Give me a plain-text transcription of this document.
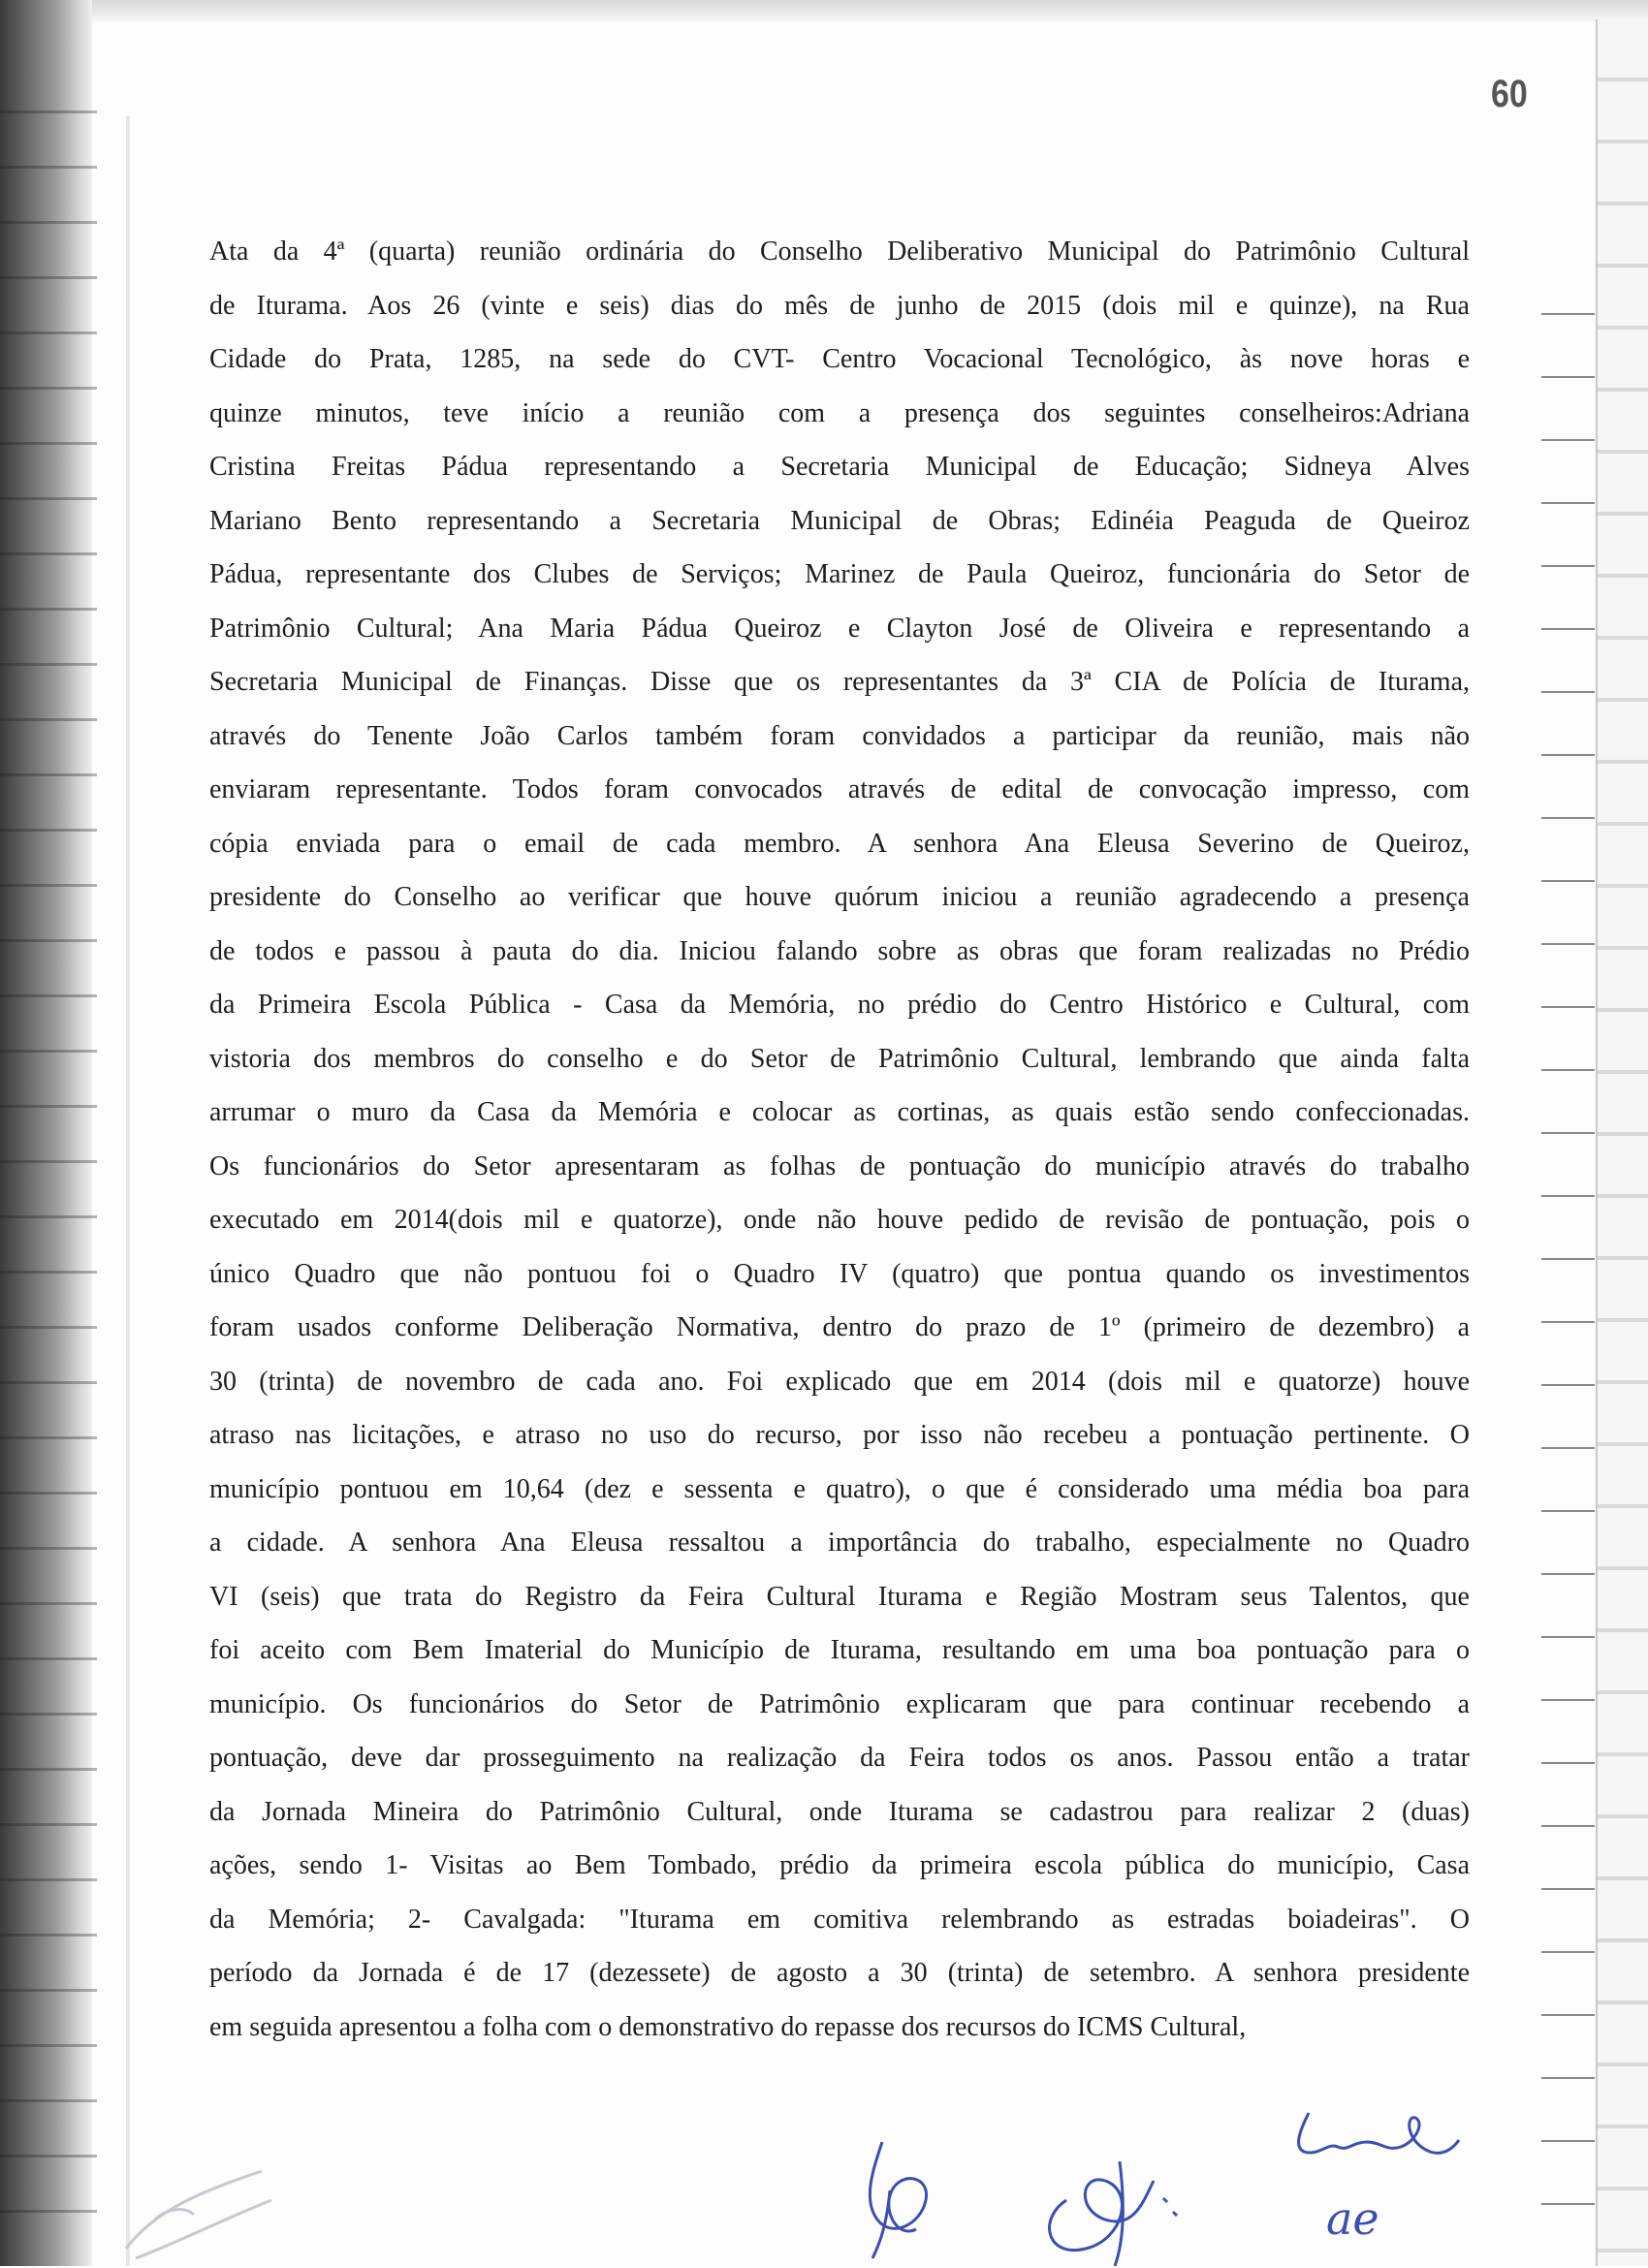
60
Ata da 4ª (quarta) reunião ordinária do Conselho Deliberativo Municipal do Patrimônio Cultural
de Iturama. Aos 26 (vinte e seis) dias do mês de junho de 2015 (dois mil e quinze), na Rua
Cidade do Prata, 1285, na sede do CVT- Centro Vocacional Tecnológico, às nove horas e
quinze minutos, teve início a reunião com a presença dos seguintes conselheiros:Adriana
Cristina Freitas Pádua representando a Secretaria Municipal de Educação; Sidneya Alves
Mariano Bento representando a Secretaria Municipal de Obras; Edinéia Peaguda de Queiroz
Pádua, representante dos Clubes de Serviços; Marinez de Paula Queiroz, funcionária do Setor de
Patrimônio Cultural; Ana Maria Pádua Queiroz e Clayton José de Oliveira e representando a
Secretaria Municipal de Finanças. Disse que os representantes da 3ª CIA de Polícia de Iturama,
através do Tenente João Carlos também foram convidados a participar da reunião, mais não
enviaram representante. Todos foram convocados através de edital de convocação impresso, com
cópia enviada para o email de cada membro. A senhora Ana Eleusa Severino de Queiroz,
presidente do Conselho ao verificar que houve quórum iniciou a reunião agradecendo a presença
de todos e passou à pauta do dia. Iniciou falando sobre as obras que foram realizadas no Prédio
da Primeira Escola Pública - Casa da Memória, no prédio do Centro Histórico e Cultural, com
vistoria dos membros do conselho e do Setor de Patrimônio Cultural, lembrando que ainda falta
arrumar o muro da Casa da Memória e colocar as cortinas, as quais estão sendo confeccionadas.
Os funcionários do Setor apresentaram as folhas de pontuação do município através do trabalho
executado em 2014(dois mil e quatorze), onde não houve pedido de revisão de pontuação, pois o
único Quadro que não pontuou foi o Quadro IV (quatro) que pontua quando os investimentos
foram usados conforme Deliberação Normativa, dentro do prazo de 1º (primeiro de dezembro) a
30 (trinta) de novembro de cada ano. Foi explicado que em 2014 (dois mil e quatorze) houve
atraso nas licitações, e atraso no uso do recurso, por isso não recebeu a pontuação pertinente. O
município pontuou em 10,64 (dez e sessenta e quatro), o que é considerado uma média boa para
a cidade. A senhora Ana Eleusa ressaltou a importância do trabalho, especialmente no Quadro
VI (seis) que trata do Registro da Feira Cultural Iturama e Região Mostram seus Talentos, que
foi aceito com Bem Imaterial do Município de Iturama, resultando em uma boa pontuação para o
município. Os funcionários do Setor de Patrimônio explicaram que para continuar recebendo a
pontuação, deve dar prosseguimento na realização da Feira todos os anos. Passou então a tratar
da Jornada Mineira do Patrimônio Cultural, onde Iturama se cadastrou para realizar 2 (duas)
ações, sendo 1- Visitas ao Bem Tombado, prédio da primeira escola pública do município, Casa
da Memória; 2- Cavalgada: "Iturama em comitiva relembrando as estradas boiadeiras". O
período da Jornada é de 17 (dezessete) de agosto a 30 (trinta) de setembro. A senhora presidente
em seguida apresentou a folha com o demonstrativo do repasse dos recursos do ICMS Cultural,
ae
